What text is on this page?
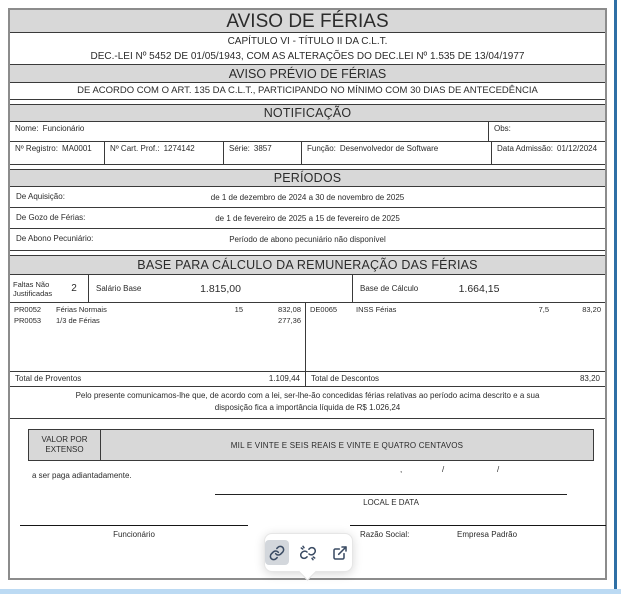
AVISO DE FÉRIAS
CAPÍTULO VI - TÍTULO II DA C.L.T.
DEC.-LEI Nº 5452 DE 01/05/1943, COM AS ALTERAÇÕES DO DEC.LEI Nº 1.535 DE 13/04/1977
AVISO PRÉVIO DE FÉRIAS
DE ACORDO COM O ART. 135 DA C.L.T., PARTICIPANDO NO MÍNIMO COM 30 DIAS DE ANTECEDÊNCIA
NOTIFICAÇÃO
Nome: Funcionário	Obs:
Nº Registro: MA0001 Nº Cart. Prof.: 1274142	Série: 3857	Função: Desenvolvedor de Software	Data Admissão: 01/12/2024
PERÍODOS
De Aquisição:	de 1 de dezembro de 2024 a 30 de novembro de 2025
De Gozo de Férias:	de 1 de fevereiro de 2025 a 15 de fevereiro de 2025
De Abono Pecuniário:	Período de abono pecuniário não disponível
BASE PARA CÁLCULO DA REMUNERAÇÃO DAS FÉRIAS
Faltas Não Justificadas	2	Salário Base	1.815,00	Base de Cálculo	1.664,15
PR0052	Férias Normais	15	832,08
PR0053	1/3 de Férias	277,36
Total de Proventos	1.109,44
DE0065	INSS Férias	7,5	83,20
Total de Descontos	83,20
Pelo presente comunicamos-lhe que, de acordo com a lei, ser-lhe-ão concedidas férias relativas ao período acima descrito e a sua
disposição fica a importância líquida de R$ 1.026,24
VALOR POR EXTENSO	MIL E VINTE E SEIS REAIS E VINTE E QUATRO CENTAVOS
a ser paga adiantadamente.
,	/	/
LOCAL E DATA
Funcionário	Razão Social:	Empresa Padrão
